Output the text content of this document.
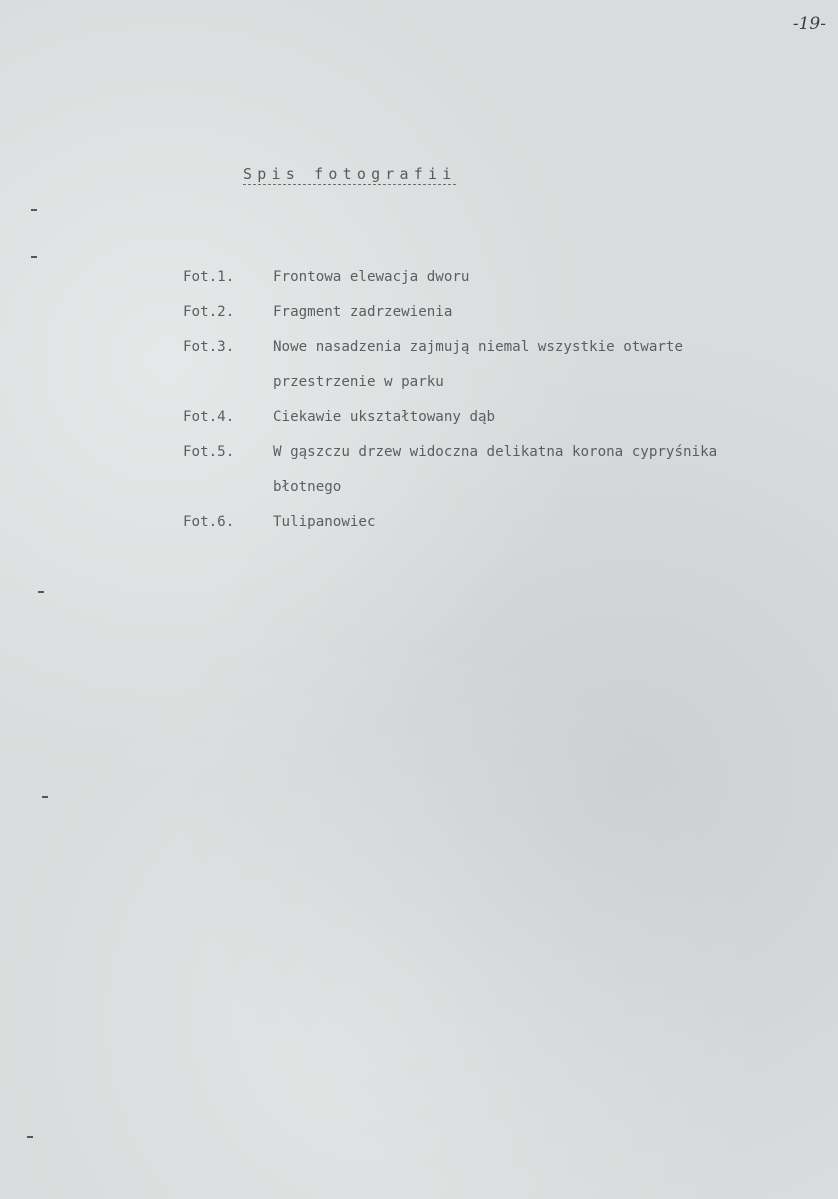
-19-
Spis fotografii
Fot.1.	Frontowa elewacja dworu
Fot.2.	Fragment zadrzewienia
Fot.3.	Nowe nasadzenia zajmują niemal wszystkie otwarte
przestrzenie w parku
Fot.4.	Ciekawie ukształtowany dąb
Fot.5.	W gąszczu drzew widoczna delikatna korona cypryśnika
błotnego
Fot.6.	Tulipanowiec
